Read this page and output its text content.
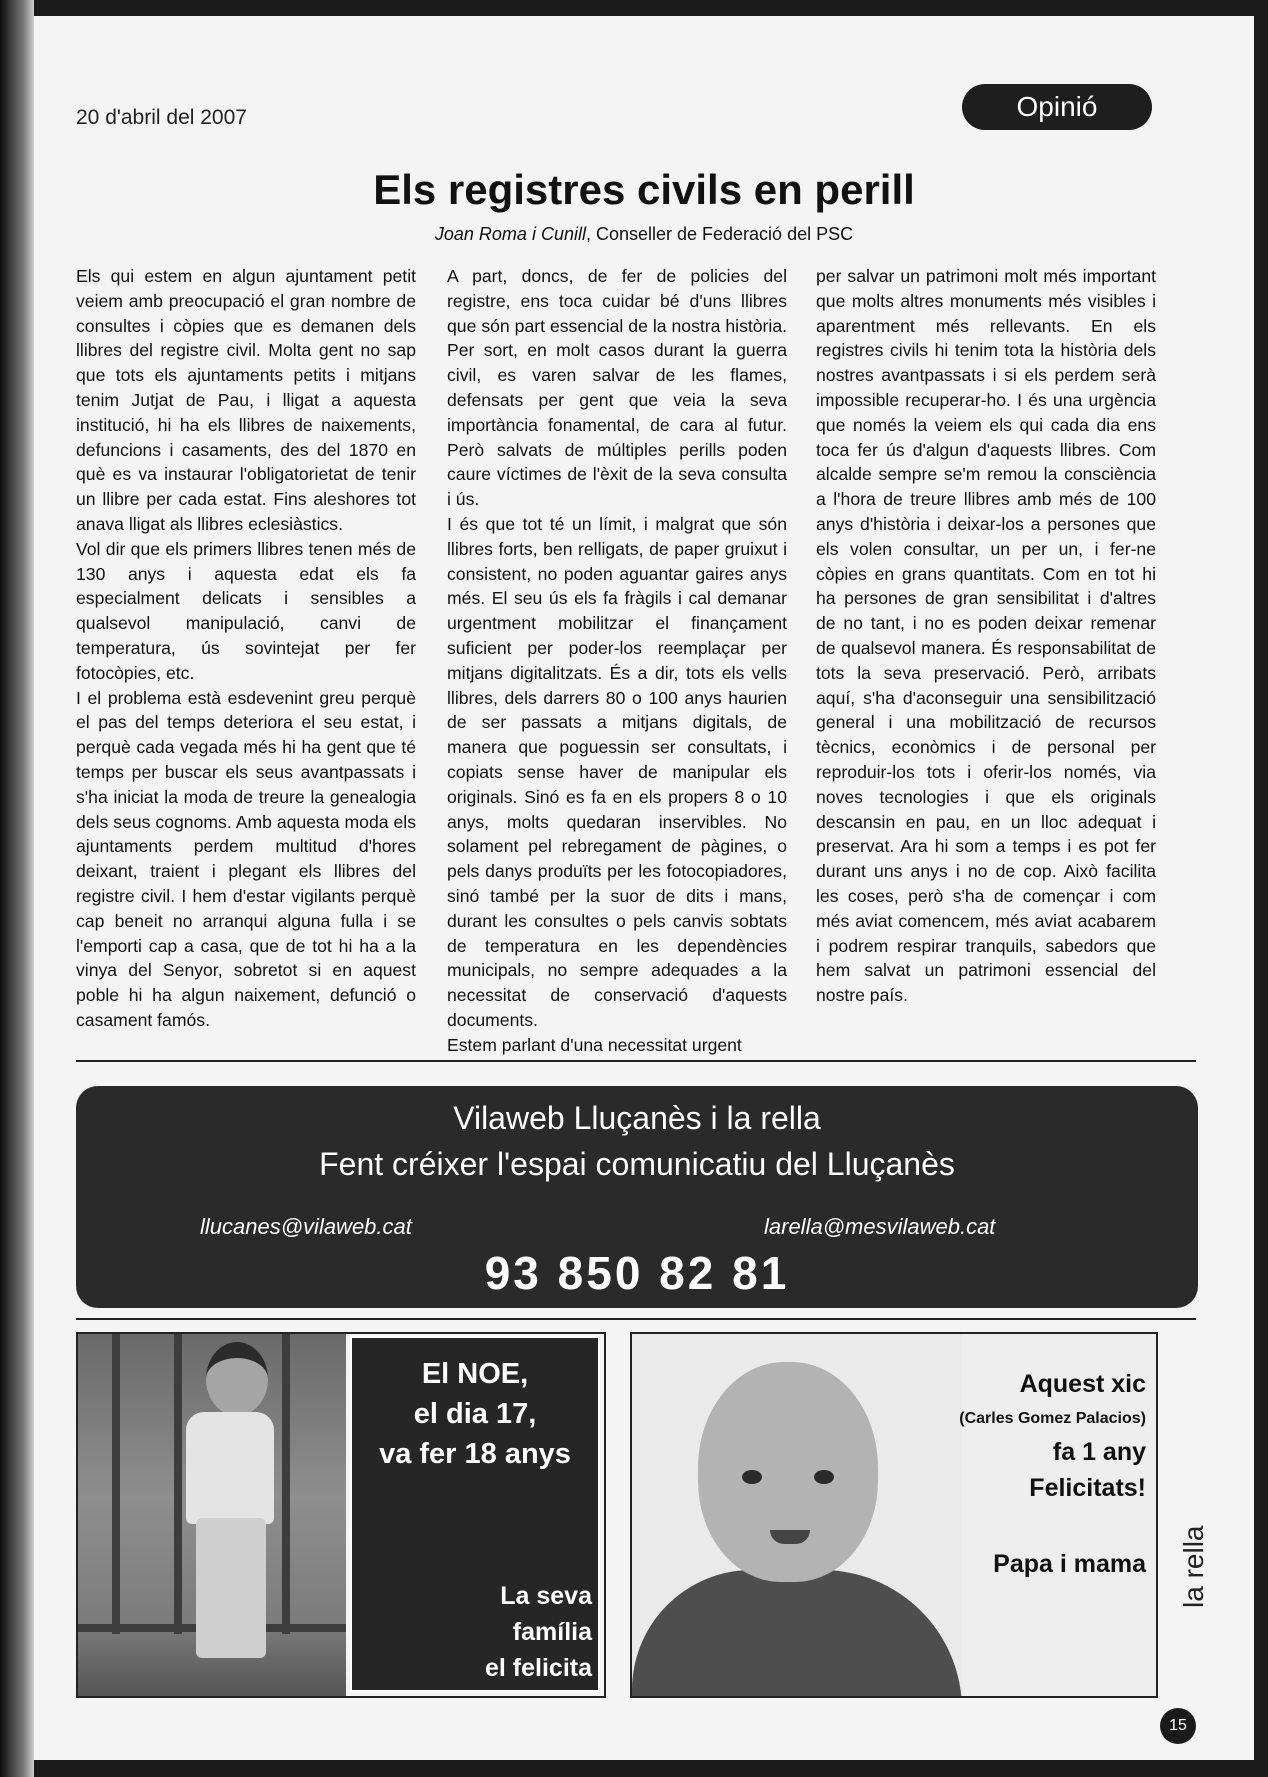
20 d'abril del 2007	Opinió
Els registres civils en perill
Joan Roma i Cunill, Conseller de Federació del PSC

Els qui estem en algun ajuntament petit veiem amb preocupació el gran nombre de consultes i còpies que es demanen dels llibres del registre civil. Molta gent no sap que tots els ajuntaments petits i mitjans tenim Jutjat de Pau, i lligat a aquesta institució, hi ha els llibres de naixements, defuncions i casaments, des del 1870 en què es va instaurar l'obligatorietat de tenir un llibre per cada estat. Fins aleshores tot anava lligat als llibres eclesiàstics.

Vol dir que els primers llibres tenen més de 130 anys i aquesta edat els fa especialment delicats i sensibles a qualsevol manipulació, canvi de temperatura, ús sovintejat per fer fotocòpies, etc.

I el problema està esdevenint greu perquè el pas del temps deteriora el seu estat, i perquè cada vegada més hi ha gent que té temps per buscar els seus avantpassats i s'ha iniciat la moda de treure la genealogia dels seus cognoms. Amb aquesta moda els ajuntaments perdem multitud d'hores deixant, traient i plegant els llibres del registre civil. I hem d'estar vigilants perquè cap beneit no arranqui alguna fulla i se l'emporti cap a casa, que de tot hi ha a la vinya del Senyor, sobretot si en aquest poble hi ha algun naixement, defunció o casament famós.

A part, doncs, de fer de policies del registre, ens toca cuidar bé d'uns llibres que són part essencial de la nostra història. Per sort, en molt casos durant la guerra civil, es varen salvar de les flames, defensats per gent que veia la seva importància fonamental, de cara al futur. Però salvats de múltiples perills poden caure víctimes de l'èxit de la seva consulta i ús.

I és que tot té un límit, i malgrat que són llibres forts, ben relligats, de paper gruixut i consistent, no poden aguantar gaires anys més. El seu ús els fa fràgils i cal demanar urgentment mobilitzar el finançament suficient per poder-los reemplaçar per mitjans digitalitzats. És a dir, tots els vells llibres, dels darrers 80 o 100 anys haurien de ser passats a mitjans digitals, de manera que poguessin ser consultats, i copiats sense haver de manipular els originals. Sinó es fa en els propers 8 o 10 anys, molts quedaran inservibles. No solament pel rebregament de pàgines, o pels danys produïts per les fotocopiadores, sinó també per la suor de dits i mans, durant les consultes o pels canvis sobtats de temperatura en les dependències municipals, no sempre adequades a la necessitat de conservació d'aquests documents.

Estem parlant d'una necessitat urgent

per salvar un patrimoni molt més important que molts altres monuments més visibles i aparentment més rellevants. En els registres civils hi tenim tota la història dels nostres avantpassats i si els perdem serà impossible recuperar-ho. I és una urgència que només la veiem els qui cada dia ens toca fer ús d'algun d'aquests llibres. Com alcalde sempre se'm remou la consciència a l'hora de treure llibres amb més de 100 anys d'història i deixar-los a persones que els volen consultar, un per un, i fer-ne còpies en grans quantitats. Com en tot hi ha persones de gran sensibilitat i d'altres de no tant, i no es poden deixar remenar de qualsevol manera. És responsabilitat de tots la seva preservació. Però, arribats aquí, s'ha d'aconseguir una sensibilització general i una mobilització de recursos tècnics, econòmics i de personal per reproduir-los tots i oferir-los només, via noves tecnologies i que els originals descansin en pau, en un lloc adequat i preservat. Ara hi som a temps i es pot fer durant uns anys i no de cop. Això facilita les coses, però s'ha de començar i com més aviat comencem, més aviat acabarem i podrem respirar tranquils, sabedors que hem salvat un patrimoni essencial del nostre país.

Vilaweb Lluçanès i la rella
Fent créixer l'espai comunicatiu del Lluçanès
llucanes@vilaweb.cat	larella@mesvilaweb.cat
93 850 82 81
El NOE,
el dia 17,
va fer 18 anys
La seva
família
el felicita
Aquest xic
(Carles Gomez Palacios)
fa 1 any
Felicitats!
Papa i mama la rella
15
